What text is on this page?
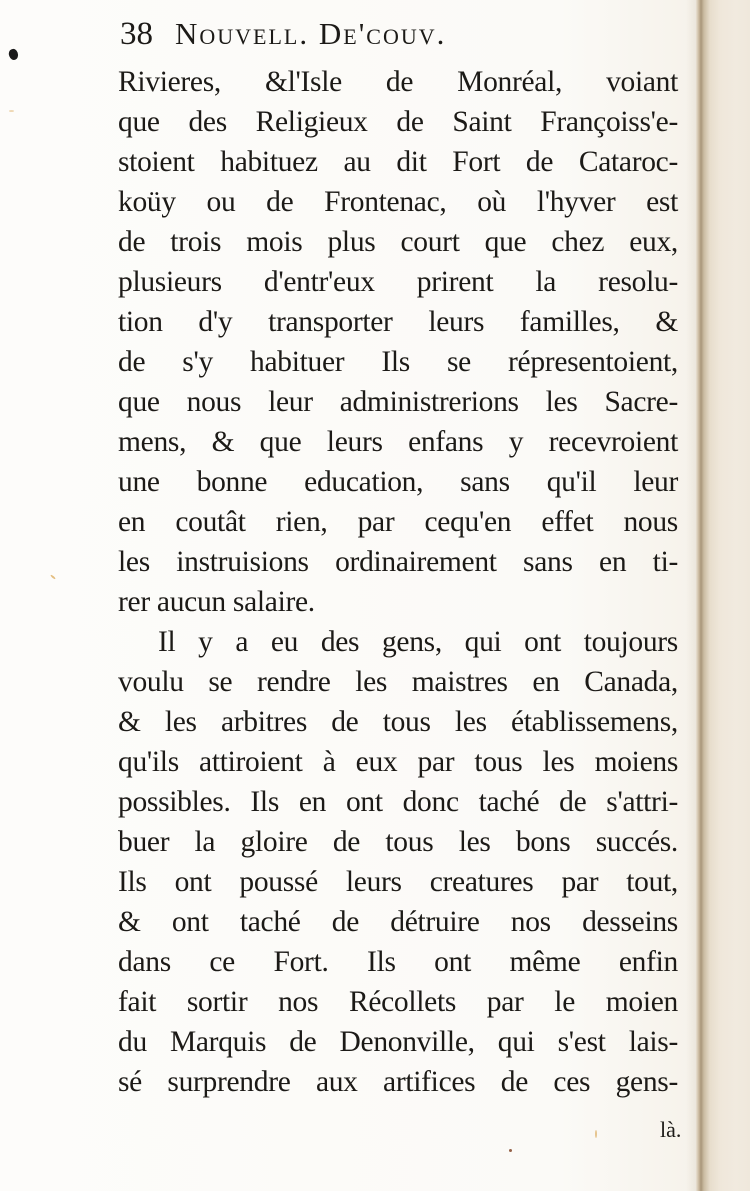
38 Nouvell. De'couv.
Rivieres, &l'Isle de Monréal, voiant
que des Religieux de Saint Françoiss'e-
stoient habituez au dit Fort de Cataroc-
koüy ou de Frontenac, où l'hyver est
de trois mois plus court que chez eux,
plusieurs d'entr'eux prirent la resolu-
tion d'y transporter leurs familles, &
de s'y habituer Ils se répresentoient,
que nous leur administrerions les Sacre-
mens, & que leurs enfans y recevroient
une bonne education, sans qu'il leur
en coutât rien, par cequ'en effet nous
les instruisions ordinairement sans en ti-
rer aucun salaire.
Il y a eu des gens, qui ont toujours
voulu se rendre les maistres en Canada,
& les arbitres de tous les établissemens,
qu'ils attiroient à eux par tous les moiens
possibles. Ils en ont donc taché de s'attri-
buer la gloire de tous les bons succés.
Ils ont poussé leurs creatures par tout,
& ont taché de détruire nos desseins
dans ce Fort. Ils ont même enfin
fait sortir nos Récollets par le moien
du Marquis de Denonville, qui s'est lais-
sé surprendre aux artifices de ces gens-
là.
